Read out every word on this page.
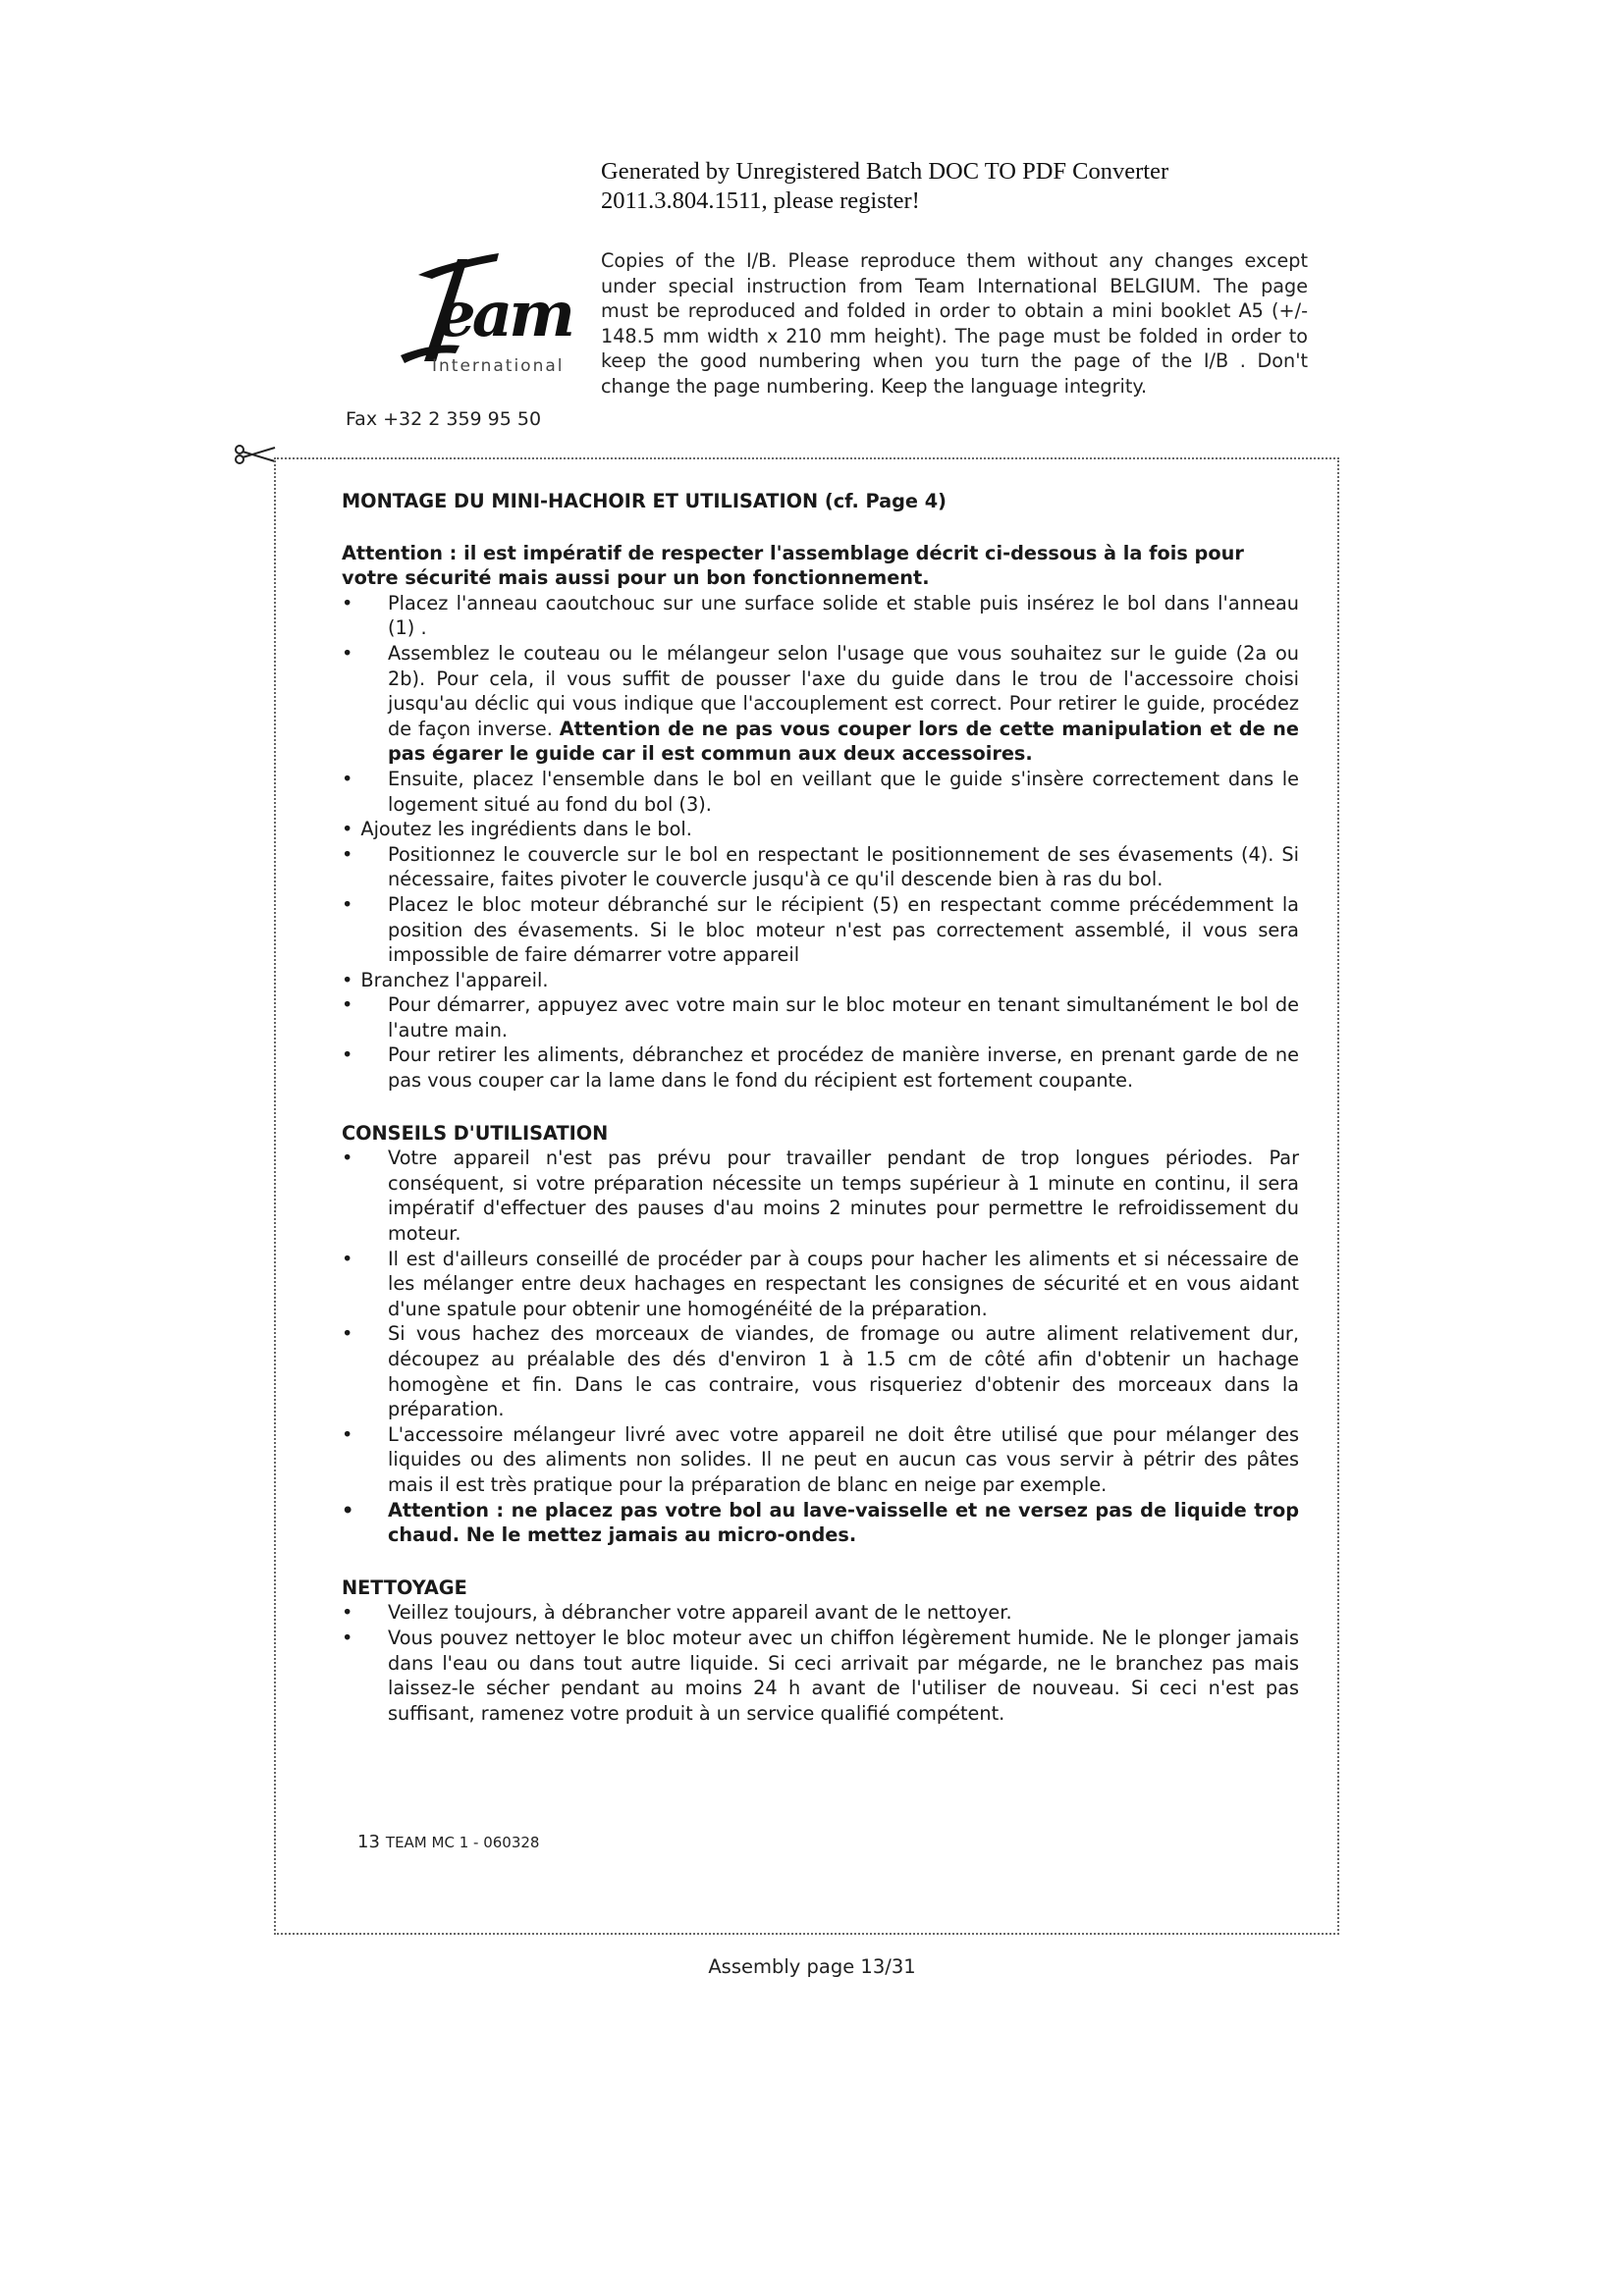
Generated by Unregistered Batch DOC TO PDF Converter
2011.3.804.1511, please register!
eam
International
Fax +32 2 359 95 50
Copies of the I/B. Please reproduce them without any changes except under special instruction from Team International BELGIUM. The page must be reproduced and folded in order to obtain a mini booklet A5 (+/- 148.5 mm width x 210 mm height). The page must be folded in order to keep the good numbering when you turn the page of the I/B . Don't change the page numbering. Keep the language integrity.
MONTAGE DU MINI-HACHOIR ET UTILISATION (cf. Page 4)

Attention : il est impératif de respecter l'assemblage décrit ci-dessous à la fois pour votre sécurité mais aussi pour un bon fonctionnement.

• Placez l'anneau caoutchouc sur une surface solide et stable puis insérez le bol dans l'anneau (1) .
• Assemblez le couteau ou le mélangeur selon l'usage que vous souhaitez sur le guide (2a ou 2b). Pour cela, il vous suffit de pousser l'axe du guide dans le trou de l'accessoire choisi jusqu'au déclic qui vous indique que l'accouplement est correct. Pour retirer le guide, procédez de façon inverse. Attention de ne pas vous couper lors de cette manipulation et de ne pas égarer le guide car il est commun aux deux accessoires.
• Ensuite, placez l'ensemble dans le bol en veillant que le guide s'insère correctement dans le logement situé au fond du bol (3).
• Ajoutez les ingrédients dans le bol.
• Positionnez le couvercle sur le bol en respectant le positionnement de ses évasements (4). Si nécessaire, faites pivoter le couvercle jusqu'à ce qu'il descende bien à ras du bol.
• Placez le bloc moteur débranché sur le récipient (5) en respectant comme précédemment la position des évasements. Si le bloc moteur n'est pas correctement assemblé, il vous sera impossible de faire démarrer votre appareil
• Branchez l'appareil.
• Pour démarrer, appuyez avec votre main sur le bloc moteur en tenant simultanément le bol de l'autre main.
• Pour retirer les aliments, débranchez et procédez de manière inverse, en prenant garde de ne pas vous couper car la lame dans le fond du récipient est fortement coupante.
CONSEILS D'UTILISATION
• Votre appareil n'est pas prévu pour travailler pendant de trop longues périodes. Par conséquent, si votre préparation nécessite un temps supérieur à 1 minute en continu, il sera impératif d'effectuer des pauses d'au moins 2 minutes pour permettre le refroidissement du moteur.
• Il est d'ailleurs conseillé de procéder par à coups pour hacher les aliments et si nécessaire de les mélanger entre deux hachages en respectant les consignes de sécurité et en vous aidant d'une spatule pour obtenir une homogénéité de la préparation.
• Si vous hachez des morceaux de viandes, de fromage ou autre aliment relativement dur, découpez au préalable des dés d'environ 1 à 1.5 cm de côté afin d'obtenir un hachage homogène et fin. Dans le cas contraire, vous risqueriez d'obtenir des morceaux dans la préparation.
• L'accessoire mélangeur livré avec votre appareil ne doit être utilisé que pour mélanger des liquides ou des aliments non solides. Il ne peut en aucun cas vous servir à pétrir des pâtes mais il est très pratique pour la préparation de blanc en neige par exemple.
• Attention : ne placez pas votre bol au lave-vaisselle et ne versez pas de liquide trop chaud. Ne le mettez jamais au micro-ondes.
NETTOYAGE
• Veillez toujours, à débrancher votre appareil avant de le nettoyer.
• Vous pouvez nettoyer le bloc moteur avec un chiffon légèrement humide. Ne le plonger jamais dans l'eau ou dans tout autre liquide. Si ceci arrivait par mégarde, ne le branchez pas mais laissez-le sécher pendant au moins 24 h avant de l'utiliser de nouveau. Si ceci n'est pas suffisant, ramenez votre produit à un service qualifié compétent.
13 TEAM MC 1 - 060328
Assembly page 13/31
